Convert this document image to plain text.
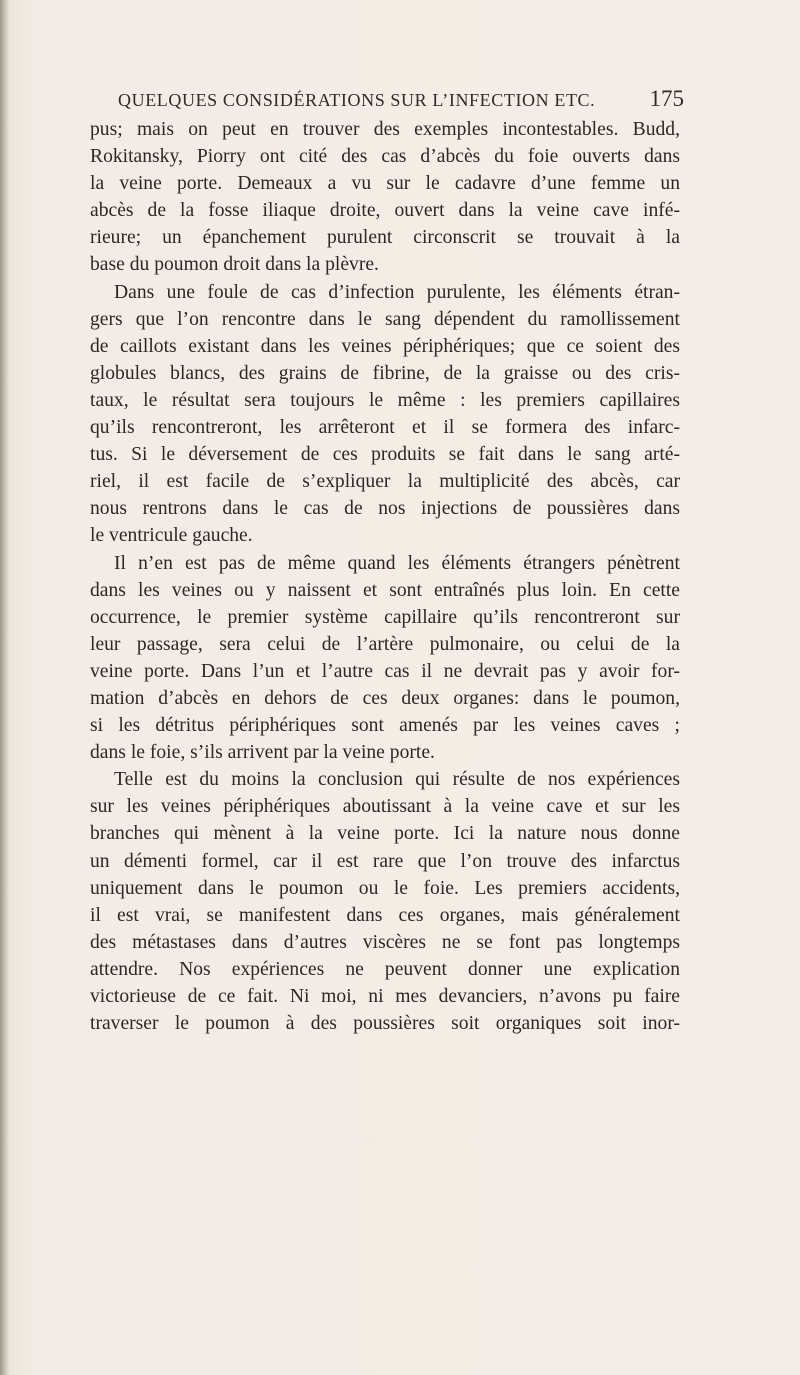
QUELQUES CONSIDÉRATIONS SUR L’INFECTION ETC. 175
pus; mais on peut en trouver des exemples incontestables. Budd,
Rokitansky, Piorry ont cité des cas d’abcès du foie ouverts dans
la veine porte. Demeaux a vu sur le cadavre d’une femme un
abcès de la fosse iliaque droite, ouvert dans la veine cave infé-
rieure; un épanchement purulent circonscrit se trouvait à la
base du poumon droit dans la plèvre.
Dans une foule de cas d’infection purulente, les éléments étran-
gers que l’on rencontre dans le sang dépendent du ramollissement
de caillots existant dans les veines périphériques; que ce soient des
globules blancs, des grains de fibrine, de la graisse ou des cris-
taux, le résultat sera toujours le même : les premiers capillaires
qu’ils rencontreront, les arrêteront et il se formera des infarc-
tus. Si le déversement de ces produits se fait dans le sang arté-
riel, il est facile de s’expliquer la multiplicité des abcès, car
nous rentrons dans le cas de nos injections de poussières dans
le ventricule gauche.
Il n’en est pas de même quand les éléments étrangers pénètrent
dans les veines ou y naissent et sont entraînés plus loin. En cette
occurrence, le premier système capillaire qu’ils rencontreront sur
leur passage, sera celui de l’artère pulmonaire, ou celui de la
veine porte. Dans l’un et l’autre cas il ne devrait pas y avoir for-
mation d’abcès en dehors de ces deux organes: dans le poumon,
si les détritus périphériques sont amenés par les veines caves ;
dans le foie, s’ils arrivent par la veine porte.
Telle est du moins la conclusion qui résulte de nos expériences
sur les veines périphériques aboutissant à la veine cave et sur les
branches qui mènent à la veine porte. Ici la nature nous donne
un démenti formel, car il est rare que l’on trouve des infarctus
uniquement dans le poumon ou le foie. Les premiers accidents,
il est vrai, se manifestent dans ces organes, mais généralement
des métastases dans d’autres viscères ne se font pas longtemps
attendre. Nos expériences ne peuvent donner une explication
victorieuse de ce fait. Ni moi, ni mes devanciers, n’avons pu faire
traverser le poumon à des poussières soit organiques soit inor-
